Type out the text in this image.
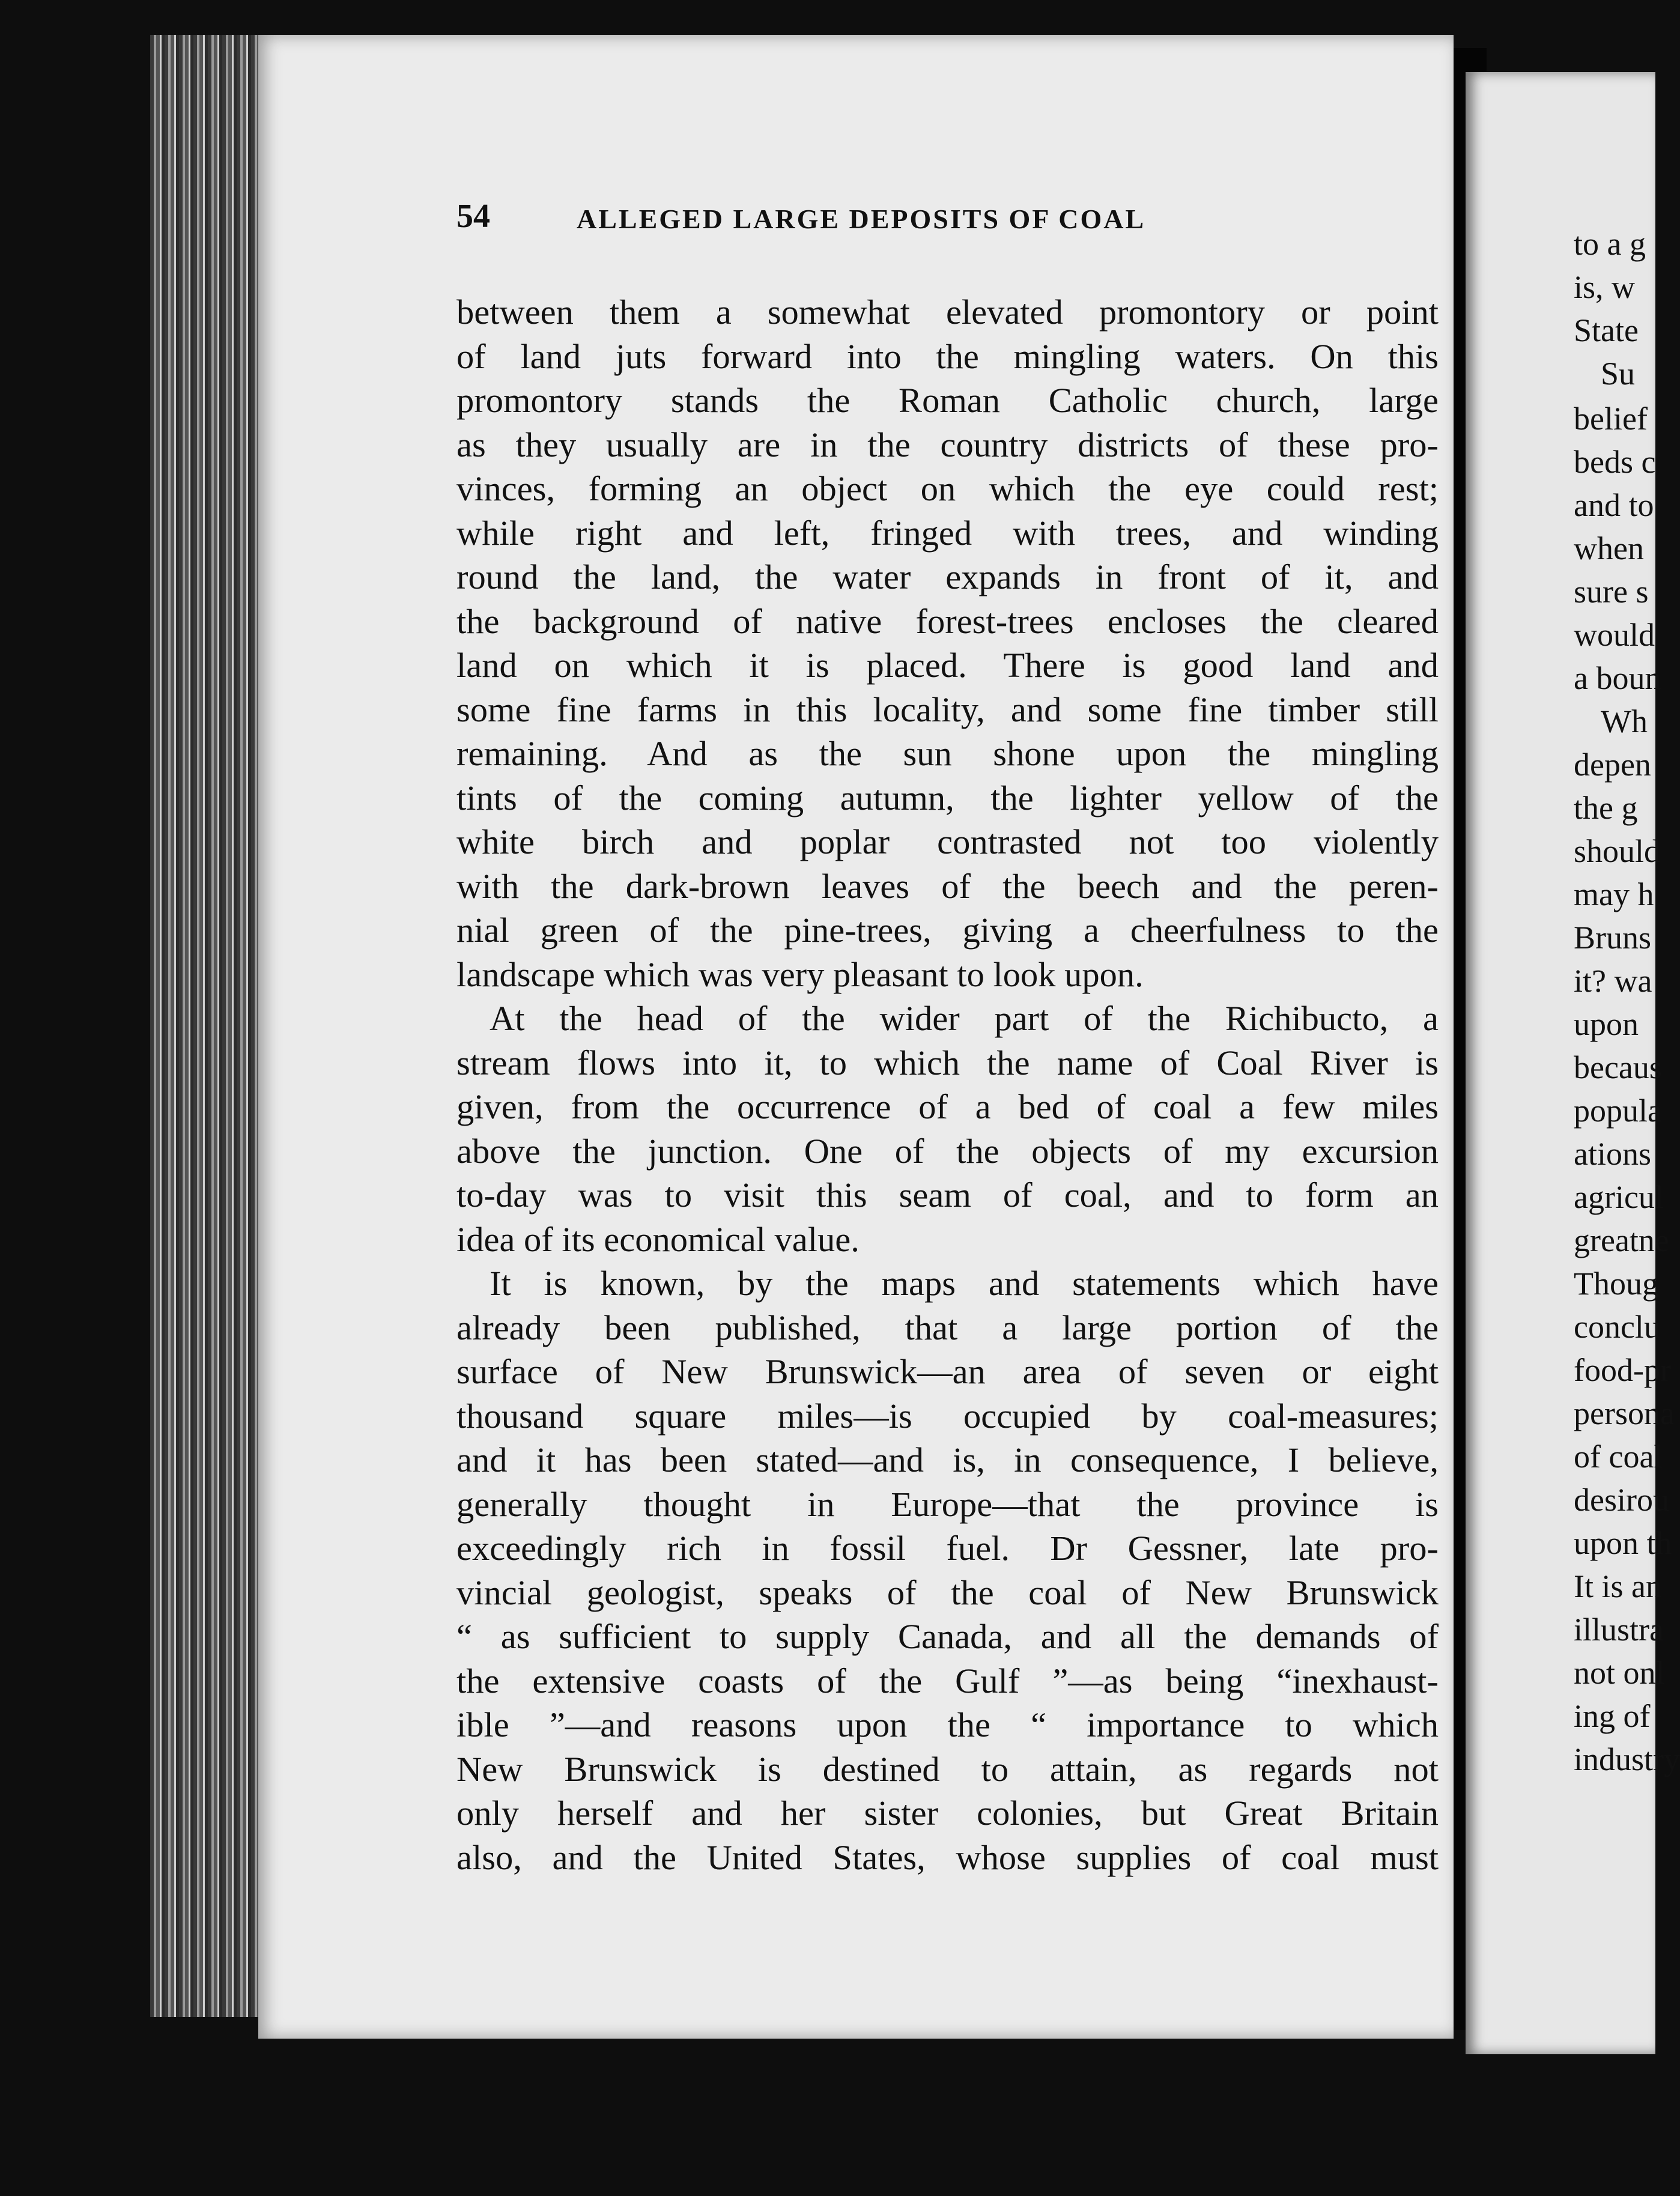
54	ALLEGED LARGE DEPOSITS OF COAL

between them a somewhat elevated promontory or point
of land juts forward into the mingling waters. On this
promontory stands the Roman Catholic church, large
as they usually are in the country districts of these pro-
vinces, forming an object on which the eye could rest;
while right and left, fringed with trees, and winding
round the land, the water expands in front of it, and
the background of native forest-trees encloses the cleared
land on which it is placed. There is good land and
some fine farms in this locality, and some fine timber still
remaining. And as the sun shone upon the mingling
tints of the coming autumn, the lighter yellow of the
white birch and poplar contrasted not too violently
with the dark-brown leaves of the beech and the peren-
nial green of the pine-trees, giving a cheerfulness to the
landscape which was very pleasant to look upon.

At the head of the wider part of the Richibucto, a
stream flows into it, to which the name of Coal River is
given, from the occurrence of a bed of coal a few miles
above the junction. One of the objects of my excursion
to-day was to visit this seam of coal, and to form an
idea of its economical value.

It is known, by the maps and statements which have
already been published, that a large portion of the
surface of New Brunswick—an area of seven or eight
thousand square miles—is occupied by coal-measures;
and it has been stated—and is, in consequence, I believe,
generally thought in Europe—that the province is
exceedingly rich in fossil fuel. Dr Gessner, late pro-
vincial geologist, speaks of the coal of New Brunswick
“ as sufficient to supply Canada, and all the demands of
the extensive coasts of the Gulf ”—as being “inexhaust-
ible ”—and reasons upon the “ importance to which
New Brunswick is destined to attain, as regards not
only herself and her sister colonies, but Great Britain
also, and the United States, whose supplies of coal must

to a g
is, w
State
Su
belief
beds c
and to
when
sure s
would
a boun
Wh
depen
the g
should
may h
Bruns
it? wa
upon
becaus
popula
ations
agricul
greatne
Thoug
conclu
food-pr
persona
of coal
desirou
upon th
It is an
illustra
not onl
ing of
industry
